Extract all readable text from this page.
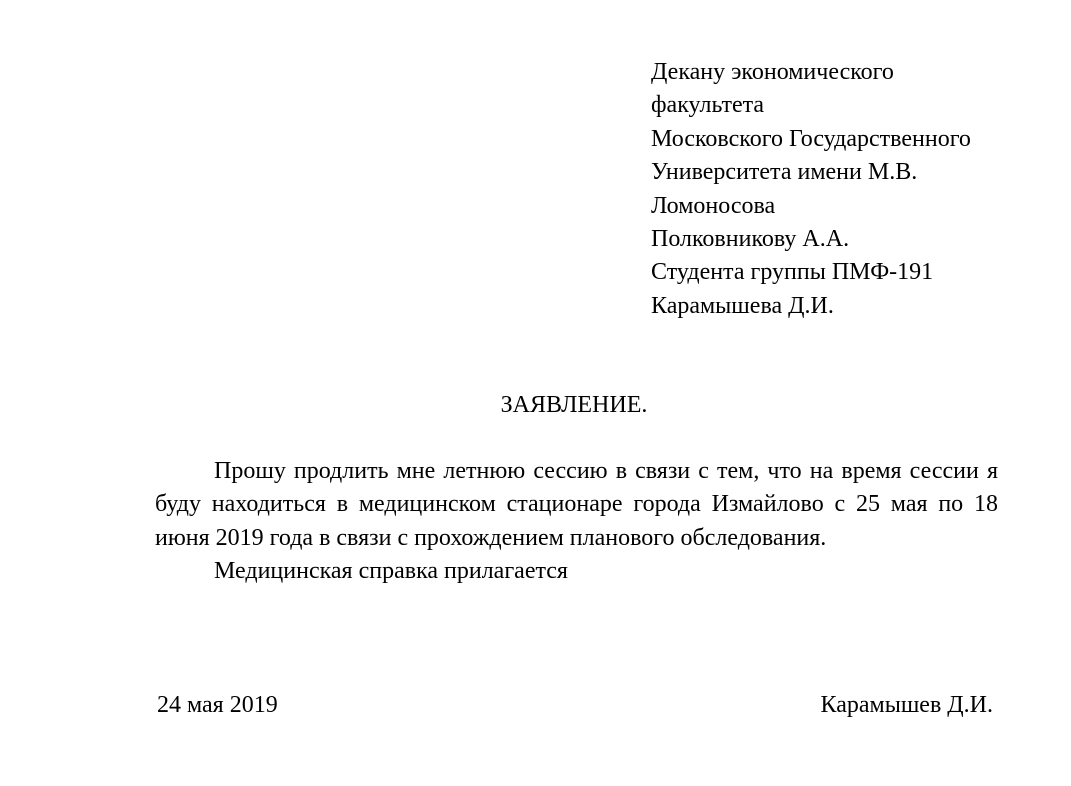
Декану экономического
факультета
Московского Государственного
Университета имени М.В.
Ломоносова
Полковникову А.А.
Студента группы ПМФ-191
Карамышева Д.И.
ЗАЯВЛЕНИЕ.

Прошу продлить мне летнюю сессию в связи с тем, что на время сессии я буду находиться в медицинском стационаре города Измайлово с 25 мая по 18 июня 2019 года в связи с прохождением планового обследования.

Медицинская справка прилагается

24 мая 2019	Карамышев Д.И.
